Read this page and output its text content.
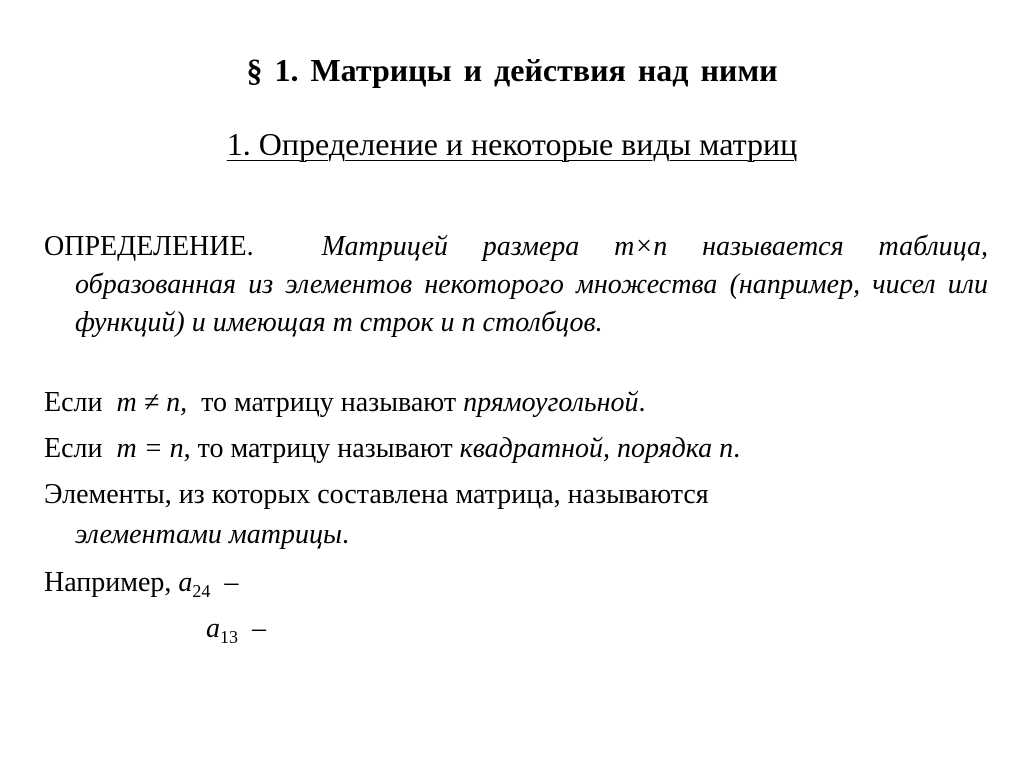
§ 1. Матрицы и действия над ними
1. Определение и некоторые виды матриц
ОПРЕДЕЛЕНИЕ. Матрицей размера m×n называется таблица, образованная из элементов некоторого множества (например, чисел или функций) и имеющая m строк и n столбцов.
Если m ≠ n, то матрицу называют прямоугольной.
Если m = n, то матрицу называют квадратной, порядка n.
Элементы, из которых составлена матрица, называются
элементами матрицы.
Например, $a_{24}$ –
$a_{13}$ –
